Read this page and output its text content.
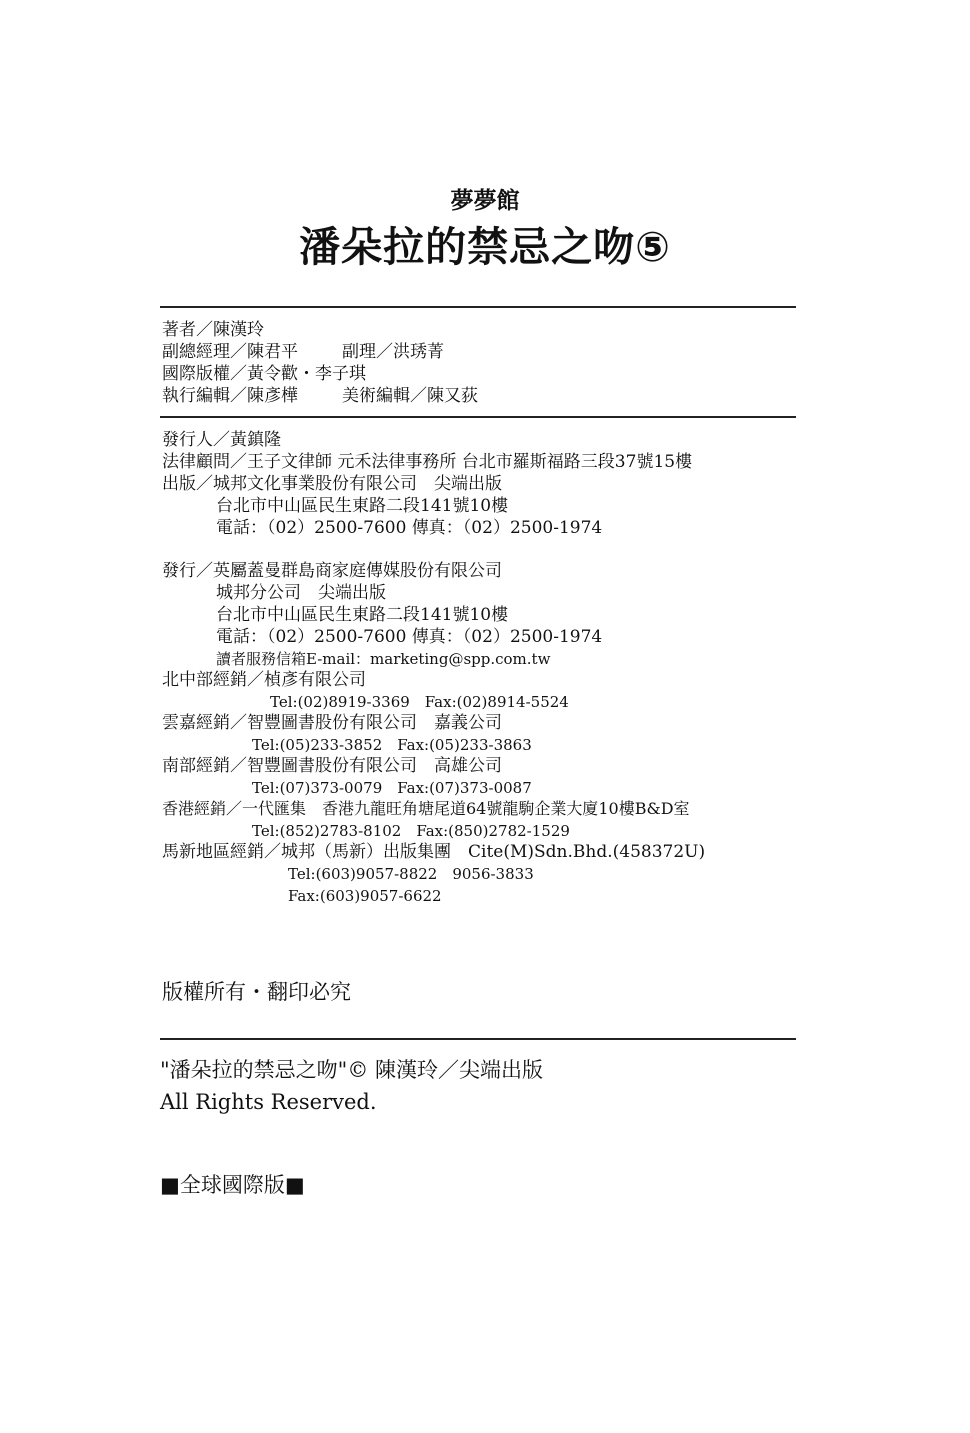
夢夢館
潘朵拉的禁忌之吻⑤
著者／陳漢玲
副總經理／陳君平	副理／洪琇菁
國際版權／黃令歡・李子琪
執行編輯／陳彥樺	美術編輯／陳又荻
發行人／黃鎮隆
法律顧問／王子文律師 元禾法律事務所 台北市羅斯福路三段37號15樓
出版／城邦文化事業股份有限公司　尖端出版
台北市中山區民生東路二段141號10樓
電話：（02）2500-7600 傳真：（02）2500-1974
發行／英屬蓋曼群島商家庭傳媒股份有限公司
城邦分公司　尖端出版
台北市中山區民生東路二段141號10樓
電話：（02）2500-7600 傳真：（02）2500-1974
讀者服務信箱E-mail：marketing@spp.com.tw
北中部經銷／楨彥有限公司
Tel:(02)8919-3369　Fax:(02)8914-5524
雲嘉經銷／智豐圖書股份有限公司　嘉義公司
Tel:(05)233-3852　Fax:(05)233-3863
南部經銷／智豐圖書股份有限公司　高雄公司
Tel:(07)373-0079　Fax:(07)373-0087
香港經銷／一代匯集　香港九龍旺角塘尾道64號龍駒企業大廈10樓B&D室
Tel:(852)2783-8102　Fax:(850)2782-1529
馬新地區經銷／城邦（馬新）出版集團　Cite(M)Sdn.Bhd.(458372U)
Tel:(603)9057-8822　9056-3833
Fax:(603)9057-6622
版權所有・翻印必究
"潘朵拉的禁忌之吻"© 陳漢玲／尖端出版
All Rights Reserved.
■全球國際版■
